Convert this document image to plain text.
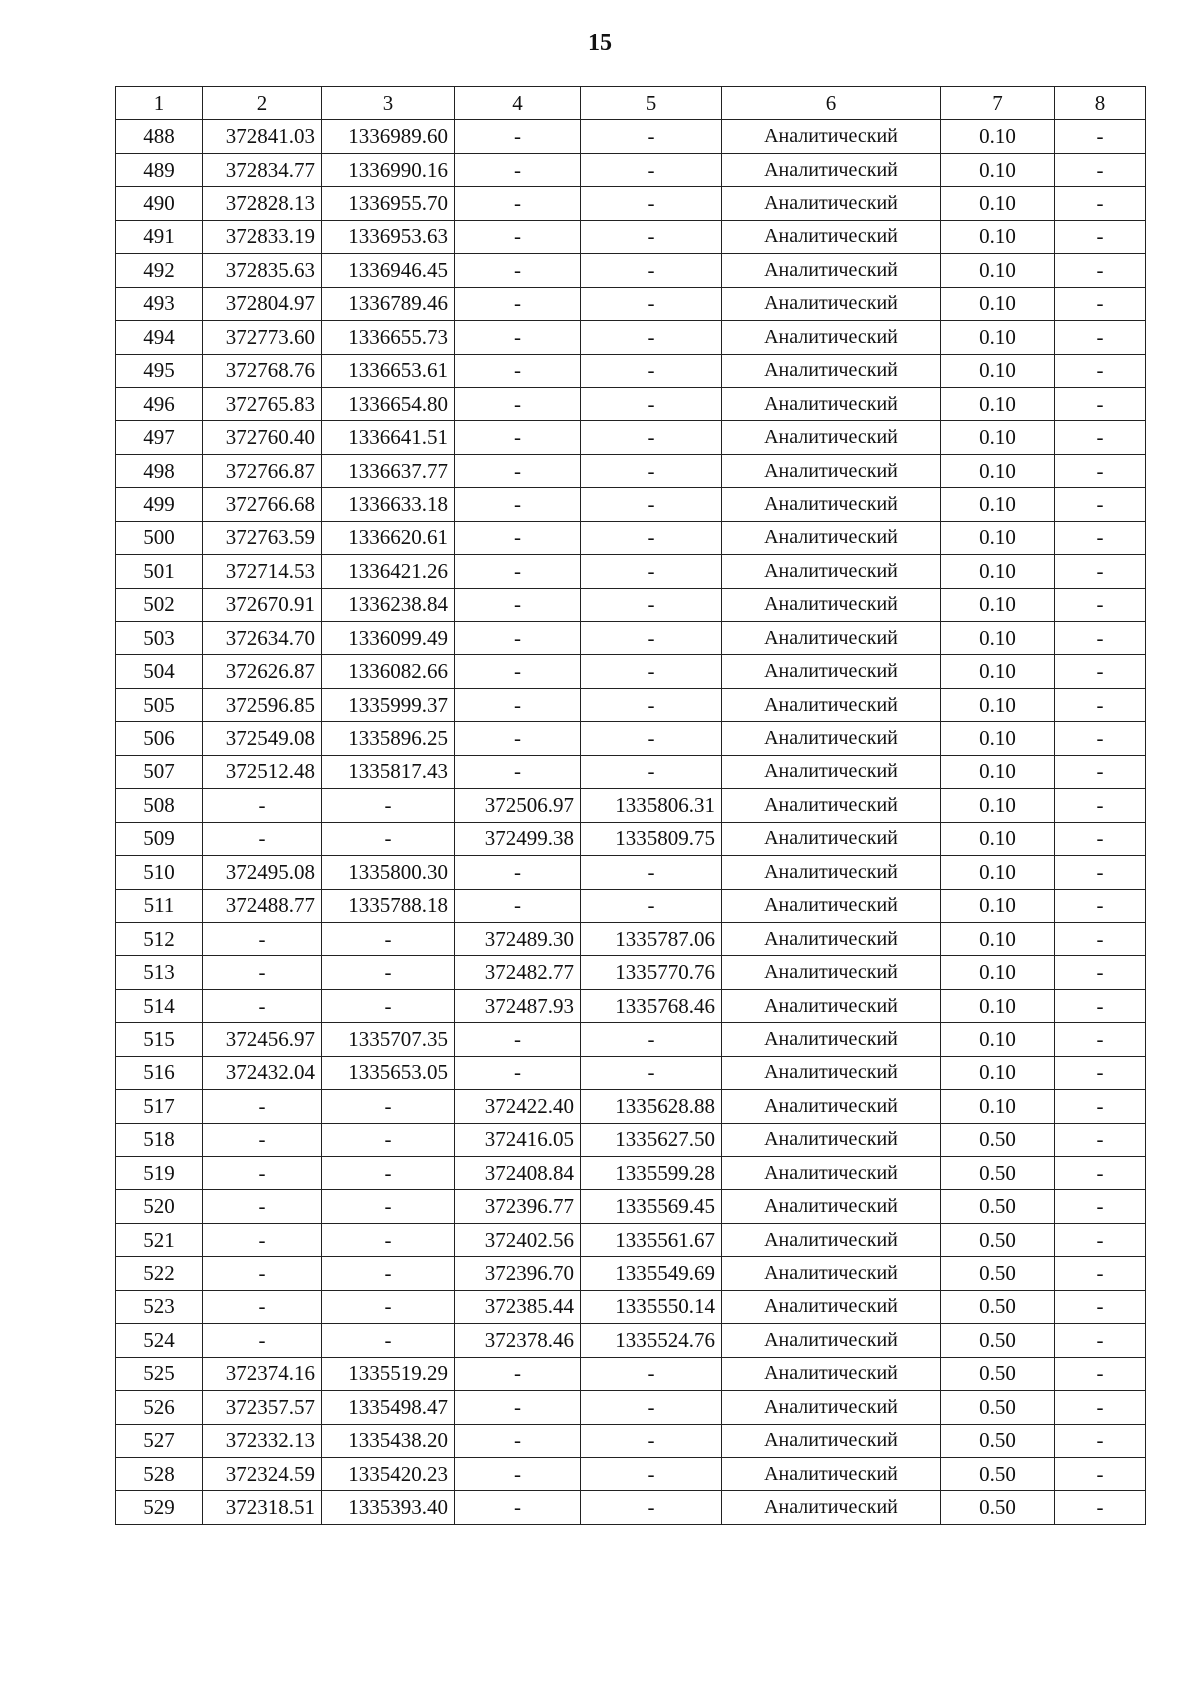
15
1	2	3	4	5	6	7	8
488	372841.03	1336989.60	-	-	Аналитический	0.10	-
489	372834.77	1336990.16	-	-	Аналитический	0.10	-
490	372828.13	1336955.70	-	-	Аналитический	0.10	-
491	372833.19	1336953.63	-	-	Аналитический	0.10	-
492	372835.63	1336946.45	-	-	Аналитический	0.10	-
493	372804.97	1336789.46	-	-	Аналитический	0.10	-
494	372773.60	1336655.73	-	-	Аналитический	0.10	-
495	372768.76	1336653.61	-	-	Аналитический	0.10	-
496	372765.83	1336654.80	-	-	Аналитический	0.10	-
497	372760.40	1336641.51	-	-	Аналитический	0.10	-
498	372766.87	1336637.77	-	-	Аналитический	0.10	-
499	372766.68	1336633.18	-	-	Аналитический	0.10	-
500	372763.59	1336620.61	-	-	Аналитический	0.10	-
501	372714.53	1336421.26	-	-	Аналитический	0.10	-
502	372670.91	1336238.84	-	-	Аналитический	0.10	-
503	372634.70	1336099.49	-	-	Аналитический	0.10	-
504	372626.87	1336082.66	-	-	Аналитический	0.10	-
505	372596.85	1335999.37	-	-	Аналитический	0.10	-
506	372549.08	1335896.25	-	-	Аналитический	0.10	-
507	372512.48	1335817.43	-	-	Аналитический	0.10	-
508	-	-	372506.97	1335806.31	Аналитический	0.10	-
509	-	-	372499.38	1335809.75	Аналитический	0.10	-
510	372495.08	1335800.30	-	-	Аналитический	0.10	-
511	372488.77	1335788.18	-	-	Аналитический	0.10	-
512	-	-	372489.30	1335787.06	Аналитический	0.10	-
513	-	-	372482.77	1335770.76	Аналитический	0.10	-
514	-	-	372487.93	1335768.46	Аналитический	0.10	-
515	372456.97	1335707.35	-	-	Аналитический	0.10	-
516	372432.04	1335653.05	-	-	Аналитический	0.10	-
517	-	-	372422.40	1335628.88	Аналитический	0.10	-
518	-	-	372416.05	1335627.50	Аналитический	0.50	-
519	-	-	372408.84	1335599.28	Аналитический	0.50	-
520	-	-	372396.77	1335569.45	Аналитический	0.50	-
521	-	-	372402.56	1335561.67	Аналитический	0.50	-
522	-	-	372396.70	1335549.69	Аналитический	0.50	-
523	-	-	372385.44	1335550.14	Аналитический	0.50	-
524	-	-	372378.46	1335524.76	Аналитический	0.50	-
525	372374.16	1335519.29	-	-	Аналитический	0.50	-
526	372357.57	1335498.47	-	-	Аналитический	0.50	-
527	372332.13	1335438.20	-	-	Аналитический	0.50	-
528	372324.59	1335420.23	-	-	Аналитический	0.50	-
529	372318.51	1335393.40	-	-	Аналитический	0.50	-
